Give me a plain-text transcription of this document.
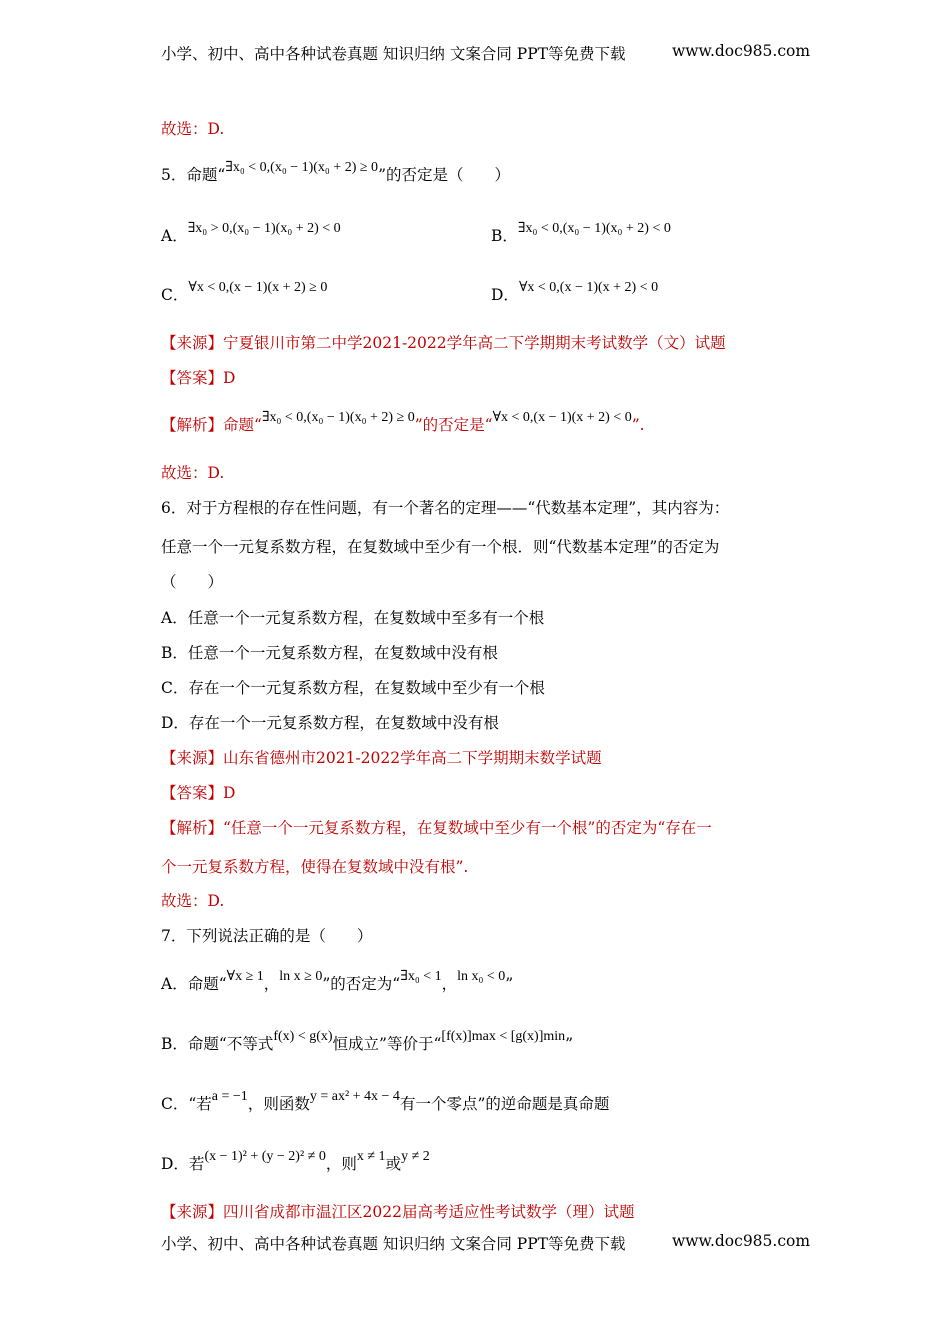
小学、初中、高中各种试卷真题 知识归纳 文案合同 PPT等免费下载	www.doc985.com
故选：D.
5．命题“∃x₀ < 0,(x₀ − 1)(x₀ + 2) ≥ 0”的否定是（　　）
A．∃x₀ > 0,(x₀ − 1)(x₀ + 2) < 0	B．∃x₀ < 0,(x₀ − 1)(x₀ + 2) < 0
C．∀x < 0,(x − 1)(x + 2) ≥ 0	D．∀x < 0,(x − 1)(x + 2) < 0
【来源】宁夏银川市第二中学2021-2022学年高二下学期期末考试数学（文）试题
【答案】D
【解析】命题“∃x₀ < 0,(x₀ − 1)(x₀ + 2) ≥ 0”的否定是“∀x < 0,(x − 1)(x + 2) < 0”.
故选：D.
6．对于方程根的存在性问题，有一个著名的定理——“代数基本定理”，其内容为：
任意一个一元复系数方程，在复数域中至少有一个根．则“代数基本定理”的否定为
（　　）
A．任意一个一元复系数方程，在复数域中至多有一个根
B．任意一个一元复系数方程，在复数域中没有根
C．存在一个一元复系数方程，在复数域中至少有一个根
D．存在一个一元复系数方程，在复数域中没有根
【来源】山东省德州市2021-2022学年高二下学期期末数学试题
【答案】D
【解析】“任意一个一元复系数方程，在复数域中至少有一个根”的否定为“存在一
个一元复系数方程，使得在复数域中没有根”.
故选：D.
7．下列说法正确的是（　　）
A．命题“∀x ≥ 1，ln x ≥ 0”的否定为“∃x₀ < 1，ln x₀ < 0”
B．命题“不等式f(x) < g(x)恒成立”等价于“[f(x)]max < [g(x)]min”
C．“若a = −1，则函数y = ax² + 4x − 4有一个零点”的逆命题是真命题
D．若(x − 1)² + (y − 2)² ≠ 0，则x ≠ 1或y ≠ 2
【来源】四川省成都市温江区2022届高考适应性考试数学（理）试题
小学、初中、高中各种试卷真题 知识归纳 文案合同 PPT等免费下载	www.doc985.com
